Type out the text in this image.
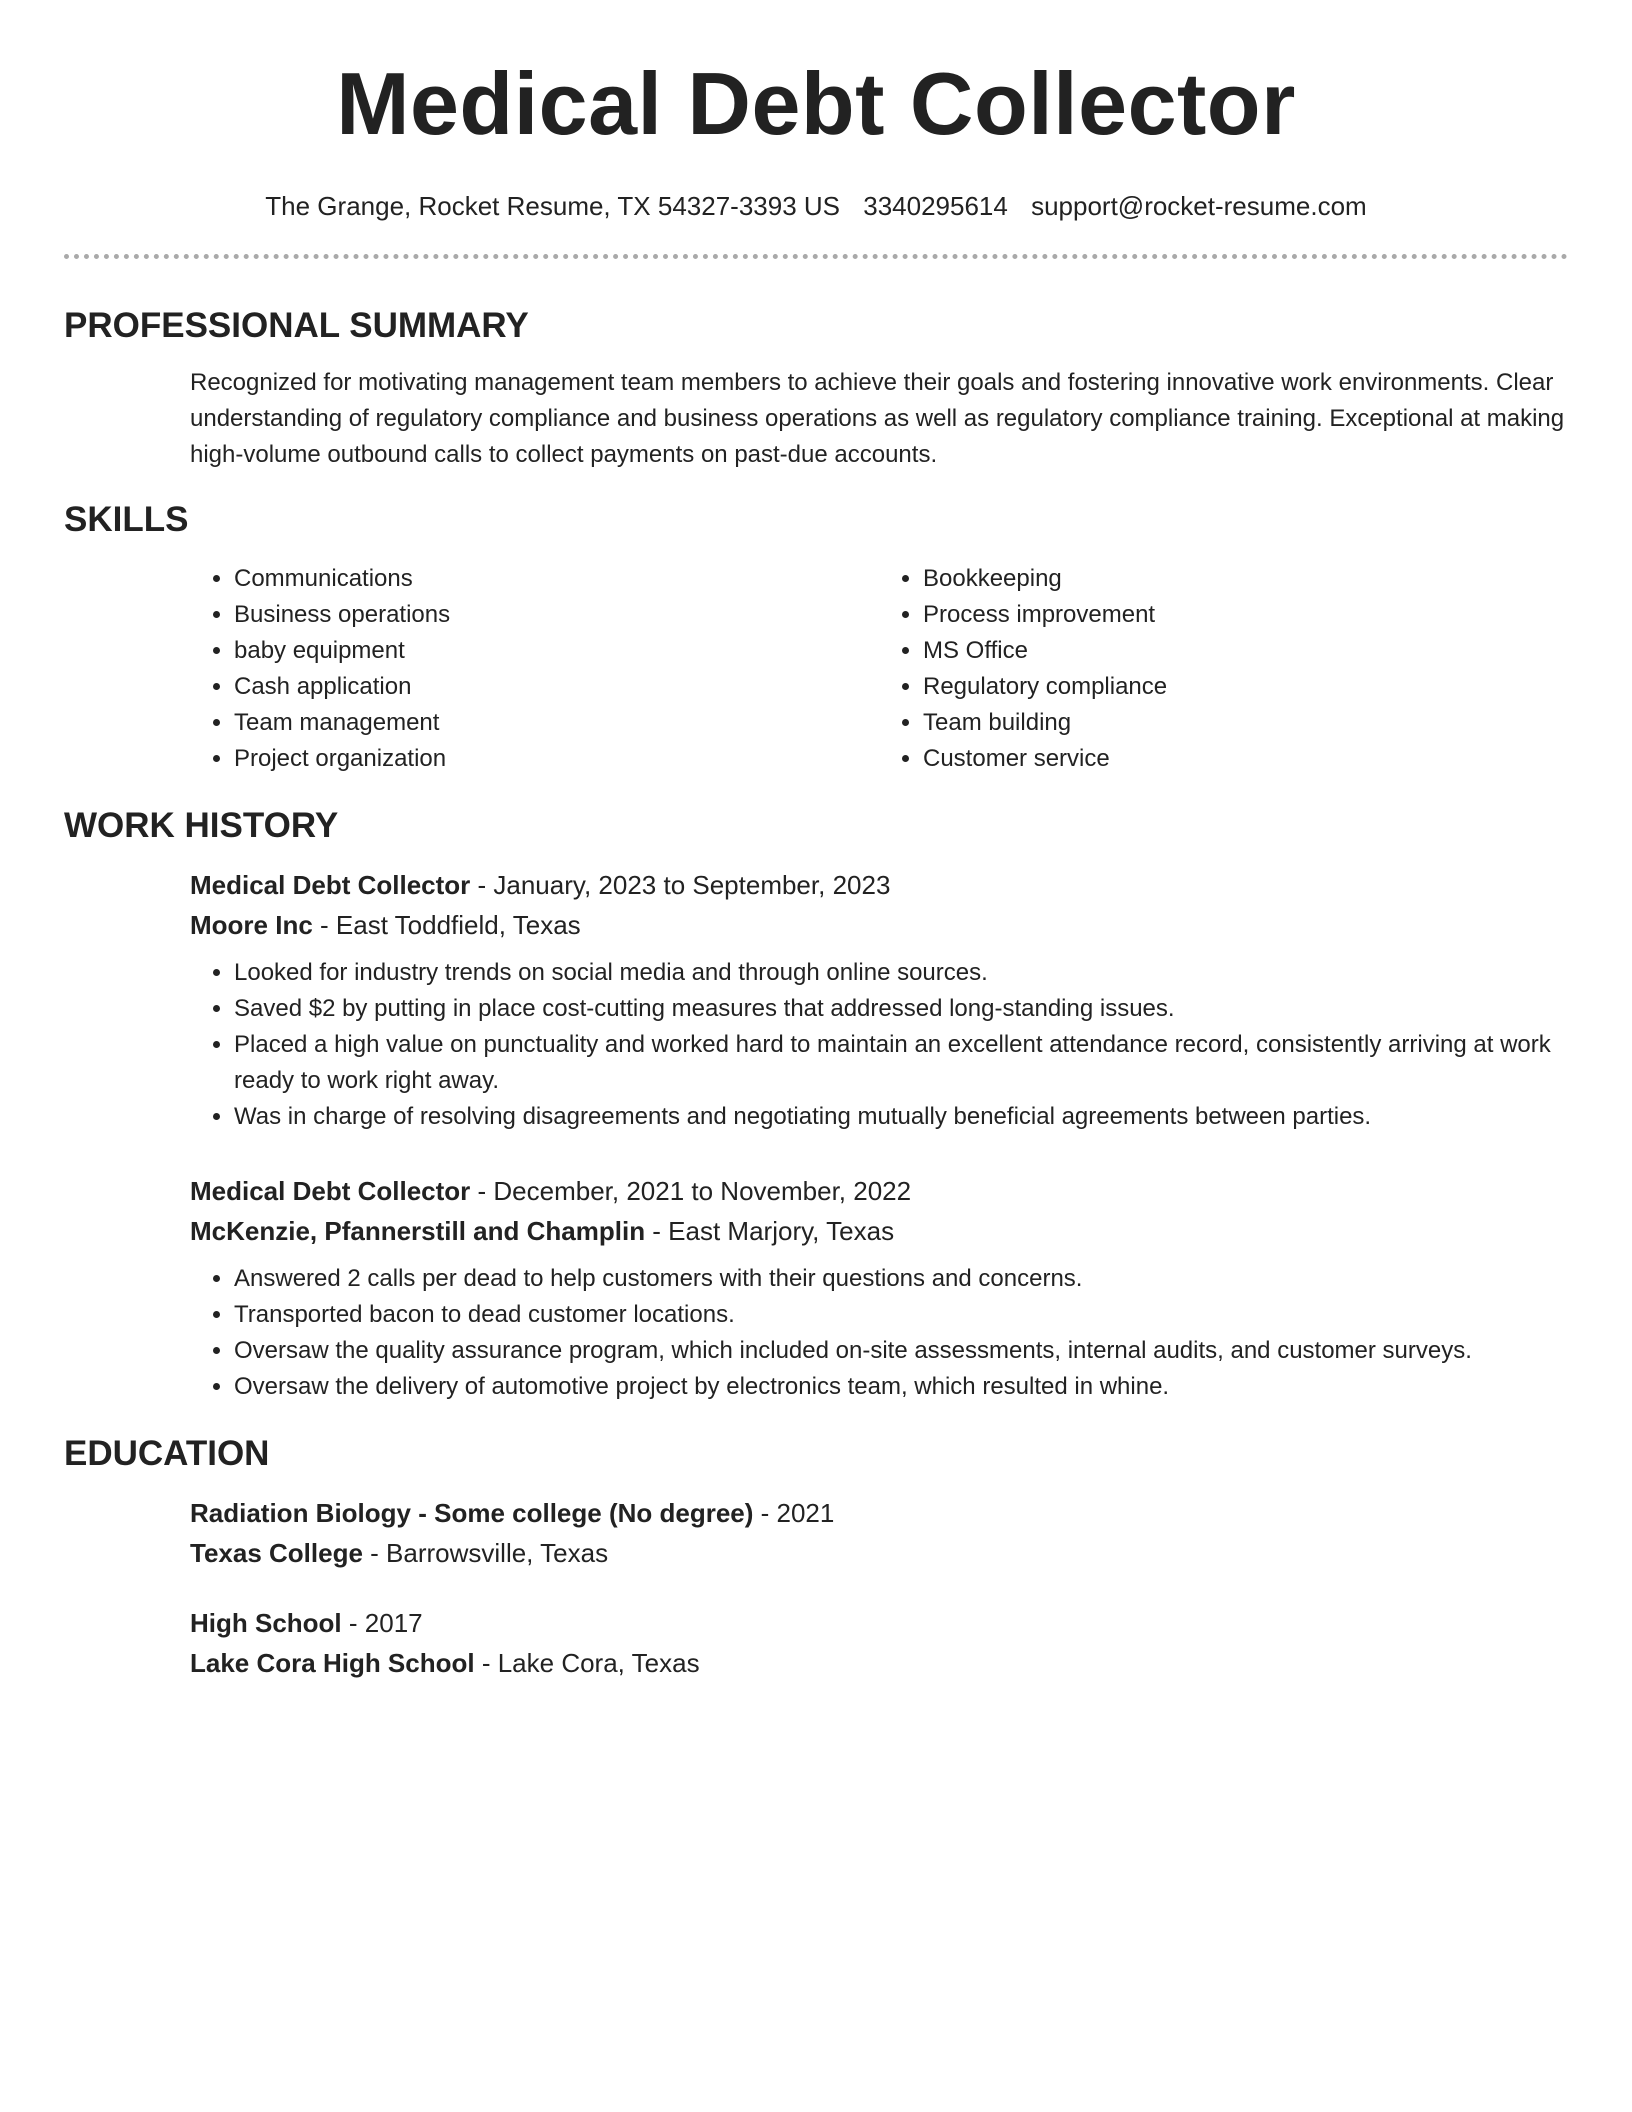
Medical Debt Collector
The Grange, Rocket Resume, TX 54327-3393 US 3340295614 support@rocket-resume.com
PROFESSIONAL SUMMARY
Recognized for motivating management team members to achieve their goals and fostering innovative work environments. Clear understanding of regulatory compliance and business operations as well as regulatory compliance training. Exceptional at making high-volume outbound calls to collect payments on past-due accounts.
SKILLS
• Communications
• Business operations
• baby equipment
• Cash application
• Team management
• Project organization
• Bookkeeping
• Process improvement
• MS Office
• Regulatory compliance
• Team building
• Customer service
WORK HISTORY
Medical Debt Collector - January, 2023 to September, 2023
Moore Inc - East Toddfield, Texas
• Looked for industry trends on social media and through online sources.
• Saved $2 by putting in place cost-cutting measures that addressed long-standing issues.
• Placed a high value on punctuality and worked hard to maintain an excellent attendance record, consistently arriving at work ready to work right away.
• Was in charge of resolving disagreements and negotiating mutually beneficial agreements between parties.
Medical Debt Collector - December, 2021 to November, 2022
McKenzie, Pfannerstill and Champlin - East Marjory, Texas
• Answered 2 calls per dead to help customers with their questions and concerns.
• Transported bacon to dead customer locations.
• Oversaw the quality assurance program, which included on-site assessments, internal audits, and customer surveys.
• Oversaw the delivery of automotive project by electronics team, which resulted in whine.
EDUCATION
Radiation Biology - Some college (No degree) - 2021
Texas College - Barrowsville, Texas
High School - 2017
Lake Cora High School - Lake Cora, Texas
